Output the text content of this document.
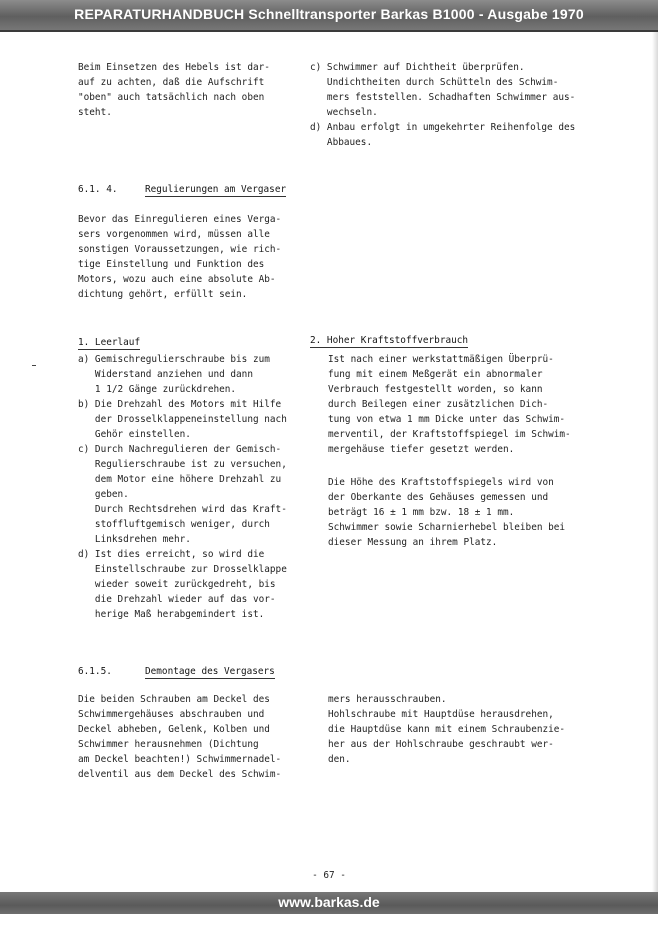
REPARATURHANDBUCH Schnelltransporter Barkas B1000 - Ausgabe 1970
Beim Einsetzen des Hebels ist dar-
auf zu achten, daß die Aufschrift
"oben" auch tatsächlich nach oben
steht.
c) Schwimmer auf Dichtheit überprüfen.
Undichtheiten durch Schütteln des Schwim-
mers feststellen. Schadhaften Schwimmer aus-
wechseln.
d) Anbau erfolgt in umgekehrter Reihenfolge des
Abbaues.
6.1. 4.	Regulierungen am Vergaser
Bevor das Einregulieren eines Verga-
sers vorgenommen wird, müssen alle
sonstigen Voraussetzungen, wie rich-
tige Einstellung und Funktion des
Motors, wozu auch eine absolute Ab-
dichtung gehört, erfüllt sein.
1. Leerlauf
a) Gemischregulierschraube bis zum
Widerstand anziehen und dann
1 1/2 Gänge zurückdrehen.
b) Die Drehzahl des Motors mit Hilfe
der Drosselklappeneinstellung nach
Gehör einstellen.
c) Durch Nachregulieren der Gemisch-
Regulierschraube ist zu versuchen,
dem Motor eine höhere Drehzahl zu
geben.
Durch Rechtsdrehen wird das Kraft-
stoffluftgemisch weniger, durch
Linksdrehen mehr.
d) Ist dies erreicht, so wird die
Einstellschraube zur Drosselklappe
wieder soweit zurückgedreht, bis
die Drehzahl wieder auf das vor-
herige Maß herabgemindert ist.
2. Hoher Kraftstoffverbrauch
Ist nach einer werkstattmäßigen Überprü-
fung mit einem Meßgerät ein abnormaler
Verbrauch festgestellt worden, so kann
durch Beilegen einer zusätzlichen Dich-
tung von etwa 1 mm Dicke unter das Schwim-
merventil, der Kraftstoffspiegel im Schwim-
mergehäuse tiefer gesetzt werden.
Die Höhe des Kraftstoffspiegels wird von
der Oberkante des Gehäuses gemessen und
beträgt 16 ± 1 mm bzw. 18 ± 1 mm.
Schwimmer sowie Scharnierhebel bleiben bei
dieser Messung an ihrem Platz.
6.1.5.	Demontage des Vergasers
Die beiden Schrauben am Deckel des
Schwimmergehäuses abschrauben und
Deckel abheben, Gelenk, Kolben und
Schwimmer herausnehmen (Dichtung
am Deckel beachten!) Schwimmernadel-
delventil aus dem Deckel des Schwim-
mers herausschrauben.
Hohlschraube mit Hauptdüse herausdrehen,
die Hauptdüse kann mit einem Schraubenzie-
her aus der Hohlschraube geschraubt wer-
den.
- 67 -
www.barkas.de
